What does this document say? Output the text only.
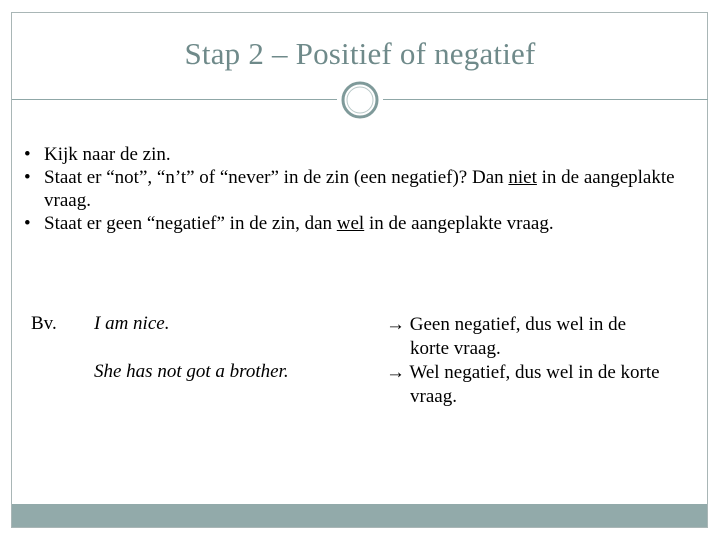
Stap 2 – Positief of negatief
• Kijk naar de zin.
• Staat er “not”, “n’t” of “never” in de zin (een negatief)? Dan niet in de aangeplakte vraag.
• Staat er geen “negatief” in de zin, dan wel in de aangeplakte vraag.
Bv. I am nice.
She has not got a brother.
→ Geen negatief, dus wel in de
korte vraag.
→ Wel negatief, dus wel in de korte
vraag.
